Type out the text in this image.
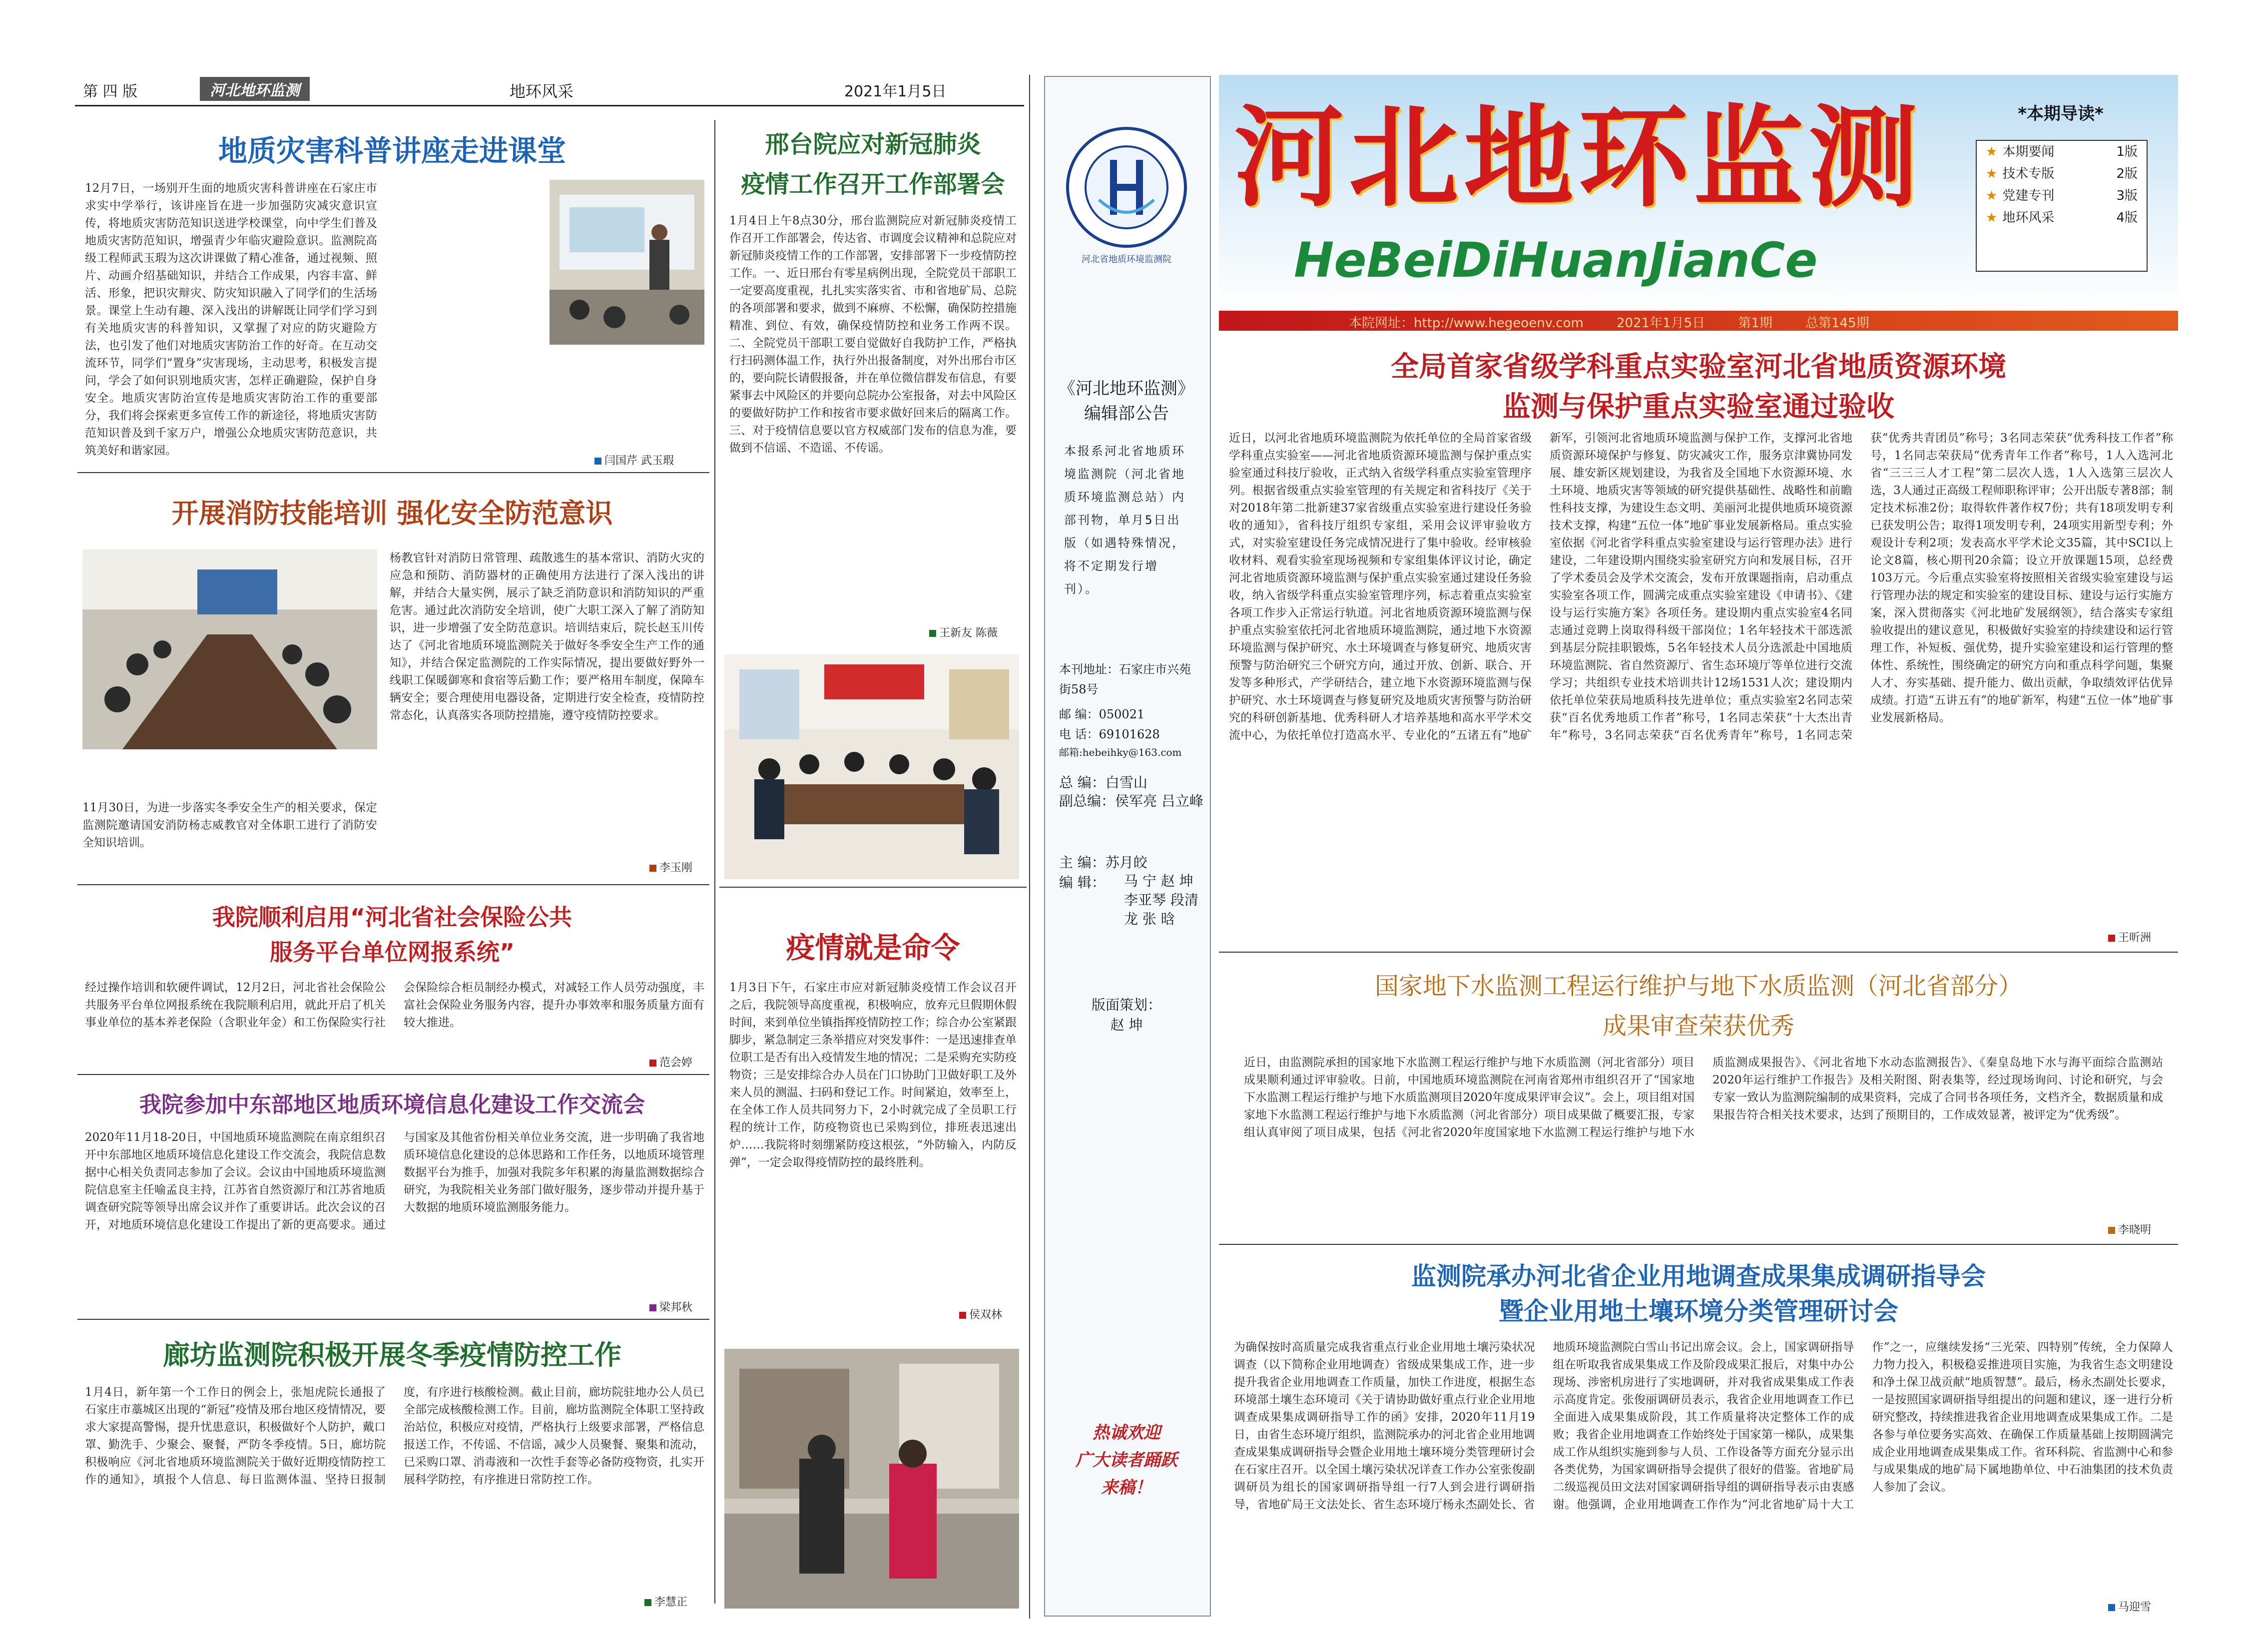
第 四 版	河北地环监测	地环风采	2021年1月5日
地质灾害科普讲座走进课堂
12月7日，一场别开生面的地质灾害科普讲座在石家庄市求实中学举行，该讲座旨在进一步加强防灾减灾意识宣传，将地质灾害防范知识送进学校课堂，向中学生们普及地质灾害防范知识，增强青少年临灾避险意识。监测院高级工程师武玉瑕为这次讲课做了精心准备，通过视频、照片、动画介绍基础知识，并结合工作成果，内容丰富、鲜活、形象，把识灾辩灾、防灾知识融入了同学们的生活场景。课堂上生动有趣、深入浅出的讲解既让同学们学习到有关地质灾害的科普知识，又掌握了对应的防灾避险方法，也引发了他们对地质灾害防治工作的好奇。在互动交流环节，同学们“置身”灾害现场，主动思考，积极发言提问，学会了如何识别地质灾害，怎样正确避险，保护自身安全。地质灾害防治宣传是地质灾害防治工作的重要部分，我们将会探索更多宣传工作的新途径，将地质灾害防范知识普及到千家万户，增强公众地质灾害防范意识，共筑美好和谐家园。
闫国芹 武玉瑕
开展消防技能培训 强化安全防范意识
杨教官针对消防日常管理、疏散逃生的基本常识、消防火灾的应急和预防、消防器材的正确使用方法进行了深入浅出的讲解，并结合大量实例，展示了缺乏消防意识和消防知识的严重危害。通过此次消防安全培训，使广大职工深入了解了消防知识，进一步增强了安全防范意识。培训结束后，院长赵玉川传达了《河北省地质环境监测院关于做好冬季安全生产工作的通知》，并结合保定监测院的工作实际情况，提出要做好野外一线职工保暖御寒和食宿等后勤工作；要严格用车制度，保障车辆安全；要合理使用电器设备，定期进行安全检查，疫情防控常态化，认真落实各项防控措施，遵守疫情防控要求。
11月30日，为进一步落实冬季安全生产的相关要求，保定监测院邀请国安消防杨志威教官对全体职工进行了消防安全知识培训。
李玉刚
我院顺利启用“河北省社会保险公共
服务平台单位网报系统”
经过操作培训和软硬件调试，12月2日，河北省社会保险公共服务平台单位网报系统在我院顺利启用，就此开启了机关事业单位的基本养老保险（含职业年金）和工伤保险实行社会保险综合柜员制经办模式，对减轻工作人员劳动强度，丰富社会保险业务服务内容，提升办事效率和服务质量方面有较大推进。
范会婷
我院参加中东部地区地质环境信息化建设工作交流会
2020年11月18-20日，中国地质环境监测院在南京组织召开中东部地区地质环境信息化建设工作交流会，我院信息数据中心相关负责同志参加了会议。会议由中国地质环境监测院信息室主任喻孟良主持，江苏省自然资源厅和江苏省地质调查研究院等领导出席会议并作了重要讲话。此次会议的召开，对地质环境信息化建设工作提出了新的更高要求。通过与国家及其他省份相关单位业务交流，进一步明确了我省地质环境信息化建设的总体思路和工作任务，以地质环境管理数据平台为推手，加强对我院多年积累的海量监测数据综合研究，为我院相关业务部门做好服务，逐步带动并提升基于大数据的地质环境监测服务能力。
梁邦秋
廊坊监测院积极开展冬季疫情防控工作
1月4日，新年第一个工作日的例会上，张旭虎院长通报了石家庄市藁城区出现的“新冠”疫情及邢台地区疫情情况，要求大家提高警惕，提升忧患意识，积极做好个人防护，戴口罩、勤洗手、少聚会、聚餐，严防冬季疫情。5日，廊坊院积极响应《河北省地质环境监测院关于做好近期疫情防控工作的通知》，填报个人信息、每日监测体温、坚持日报制度，有序进行核酸检测。截止目前，廊坊院驻地办公人员已全部完成核酸检测工作。目前，廊坊监测院全体职工坚持政治站位，积极应对疫情，严格执行上级要求部署，严格信息报送工作，不传谣、不信谣，减少人员聚餐、聚集和流动，已采购口罩、消毒液和一次性手套等必备防疫物资，扎实开展科学防控，有序推进日常防控工作。
李慧正
邢台院应对新冠肺炎
疫情工作召开工作部署会
1月4日上午8点30分，邢台监测院应对新冠肺炎疫情工作召开工作部署会，传达省、市调度会议精神和总院应对新冠肺炎疫情工作的工作部署，安排部署下一步疫情防控工作。一、近日邢台有零星病例出现，全院党员干部职工一定要高度重视，扎扎实实落实省、市和省地矿局、总院的各项部署和要求，做到不麻痹、不松懈，确保防控措施精准、到位、有效，确保疫情防控和业务工作两不误。二、全院党员干部职工要自觉做好自我防护工作，严格执行扫码测体温工作，执行外出报备制度，对外出邢台市区的，要向院长请假报备，并在单位微信群发布信息，有要紧事去中风险区的并要向总院办公室报备，对去中风险区的要做好防护工作和按省市要求做好回来后的隔离工作。三、对于疫情信息要以官方权威部门发布的信息为准，要做到不信谣、不造谣、不传谣。
王新友 陈薇
疫情就是命令
1月3日下午，石家庄市应对新冠肺炎疫情工作会议召开之后，我院领导高度重视，积极响应，放弃元旦假期休假时间，来到单位坐镇指挥疫情防控工作；综合办公室紧跟脚步，紧急制定三条举措应对突发事件：一是迅速排查单位职工是否有出入疫情发生地的情况；二是采购充实防疫物资；三是安排综合办人员在门口协助门卫做好职工及外来人员的测温、扫码和登记工作。时间紧迫，效率至上，在全体工作人员共同努力下，2小时就完成了全员职工行程的统计工作，防疫物资也已采购到位，排班表迅速出炉……我院将时刻绷紧防疫这根弦，“外防输入，内防反弹”，一定会取得疫情防控的最终胜利。
侯双林
河北省地质环境监测院
《河北地环监测》
编辑部公告
本报系河北省地质环境监测院（河北省地质环境监测总站）内部刊物，单月5日出版（如遇特殊情况，将不定期发行增刊）。
本刊地址：石家庄市兴苑街58号
邮 编：050021
电 话：69101628
邮箱:hebeihky@163.com
总 编：白雪山
副总编：侯军亮 吕立峰
主 编：苏月皎
编 辑：	马 宁 赵 坤 李亚琴 段清龙 张 晗
版面策划：
赵 坤
热诚欢迎
广大读者踊跃
来稿！
河北地环监测
HeBeiDiHuanJianCe
*本期导读*
★ 本期要闻	1版
★ 技术专版	2版
★ 党建专刊	3版
★ 地环风采	4版
本院网址：http://www.hegeoenv.com        2021年1月5日        第1期        总第145期
全局首家省级学科重点实验室河北省地质资源环境
监测与保护重点实验室通过验收
近日，以河北省地质环境监测院为依托单位的全局首家省级学科重点实验室——河北省地质资源环境监测与保护重点实验室通过科技厅验收，正式纳入省级学科重点实验室管理序列。根据省级重点实验室管理的有关规定和省科技厅《关于对2018年第二批新建37家省级重点实验室进行建设任务验收的通知》，省科技厅组织专家组，采用会议评审验收方式，对实验室建设任务完成情况进行了集中验收。经审核验收材料、观看实验室现场视频和专家组集体评议讨论，确定河北省地质资源环境监测与保护重点实验室通过建设任务验收，纳入省级学科重点实验室管理序列，标志着重点实验室各项工作步入正常运行轨道。河北省地质资源环境监测与保护重点实验室依托河北省地质环境监测院，通过地下水资源环境监测与保护研究、水土环境调查与修复研究、地质灾害预警与防治研究三个研究方向，通过开放、创新、联合、开发等多种形式，产学研结合，建立地下水资源环境监测与保护研究、水土环境调查与修复研究及地质灾害预警与防治研究的科研创新基地、优秀科研人才培养基地和高水平学术交流中心，为依托单位打造高水平、专业化的“五诸五有”地矿新军，引领河北省地质环境监测与保护工作，支撑河北省地质资源环境保护与修复、防灾减灾工作，服务京津冀协同发展、雄安新区规划建设，为我省及全国地下水资源环境、水土环境、地质灾害等领域的研究提供基础性、战略性和前瞻性科技支撑，为建设生态文明、美丽河北提供地质环境资源技术支撑，构建“五位一体”地矿事业发展新格局。重点实验室依据《河北省学科重点实验室建设与运行管理办法》进行建设，二年建设期内围绕实验室研究方向和发展目标，召开了学术委员会及学术交流会，发布开放课题指南，启动重点实验室各项工作，圆满完成重点实验室建设《申请书》、《建设与运行实施方案》各项任务。建设期内重点实验室4名同志通过竞聘上岗取得科级干部岗位；1名年轻技术干部选派到基层分院挂职锻炼，5名年轻技术人员分选派赴中国地质环境监测院、省自然资源厅、省生态环境厅等单位进行交流学习；共组织专业技术培训共计12场1531人次；建设期内依托单位荣获局地质科技先进单位；重点实验室2名同志荣获“百名优秀地质工作者”称号，1名同志荣获“十大杰出青年”称号，3名同志荣获“百名优秀青年”称号，1名同志荣获“优秀共青团员”称号；3名同志荣获“优秀科技工作者”称号，1名同志荣获局“优秀青年工作者”称号，1人入选河北省“三三三人才工程”第二层次人选，1人入选第三层次人选，3人通过正高级工程师职称评审；公开出版专著8部；制定技术标准2份；取得软件著作权7份；共有18项发明专利已获发明公告；取得1项发明专利，24项实用新型专利；外观设计专利2项；发表高水平学术论文35篇，其中SCI以上论文8篇，核心期刊20余篇；设立开放课题15项，总经费103万元。今后重点实验室将按照相关省级实验室建设与运行管理办法的规定和实验室的建设目标、建设与运行实施方案，深入贯彻落实《河北地矿发展纲领》，结合落实专家组验收提出的建议意见，积极做好实验室的持续建设和运行管理工作，补短板、强优势，提升实验室建设和运行管理的整体性、系统性，围绕确定的研究方向和重点科学问题，集聚人才、夯实基础、提升能力、做出贡献，争取绩效评估优异成绩。打造“五讲五有”的地矿新军，构建“五位一体”地矿事业发展新格局。
王昕洲
国家地下水监测工程运行维护与地下水质监测（河北省部分）
成果审查荣获优秀
近日，由监测院承担的国家地下水监测工程运行维护与地下水质监测（河北省部分）项目成果顺利通过评审验收。日前，中国地质环境监测院在河南省郑州市组织召开了“国家地下水监测工程运行维护与地下水质监测项目2020年度成果评审会议”。会上，项目组对国家地下水监测工程运行维护与地下水质监测（河北省部分）项目成果做了概要汇报，专家组认真审阅了项目成果，包括《河北省2020年度国家地下水监测工程运行维护与地下水质监测成果报告》、《河北省地下水动态监测报告》、《秦皇岛地下水与海平面综合监测站2020年运行维护工作报告》及相关附图、附表集等，经过现场询问、讨论和研究，与会专家一致认为监测院编制的成果资料，完成了合同书各项任务，文档齐全，数据质量和成果报告符合相关技术要求，达到了预期目的，工作成效显著，被评定为“优秀级”。
李晓明
监测院承办河北省企业用地调查成果集成调研指导会
暨企业用地土壤环境分类管理研讨会
为确保按时高质量完成我省重点行业企业用地土壤污染状况调查（以下简称企业用地调查）省级成果集成工作，进一步提升我省企业用地调查工作质量，加快工作进度，根据生态环境部土壤生态环境司《关于请协助做好重点行业企业用地调查成果集成调研指导工作的函》安排，2020年11月19日，由省生态环境厅组织，监测院承办的河北省企业用地调查成果集成调研指导会暨企业用地土壤环境分类管理研讨会在石家庄召开。以全国土壤污染状况详查工作办公室张俊副调研员为组长的国家调研指导组一行7人到会进行调研指导，省地矿局王文法处长、省生态环境厅杨永杰副处长、省地质环境监测院白雪山书记出席会议。会上，国家调研指导组在听取我省成果集成工作及阶段成果汇报后，对集中办公现场、涉密机房进行了实地调研，并对我省成果集成工作表示高度肯定。张俊丽调研员表示，我省企业用地调查工作已全面进入成果集成阶段，其工作质量将决定整体工作的成败；我省企业用地调查工作始终处于国家第一梯队，成果集成工作从组织实施到参与人员、工作设备等方面充分显示出各类优势，为国家调研指导会提供了很好的借鉴。省地矿局二级巡视员田文法对国家调研指导组的调研指导表示由衷感谢。他强调，企业用地调查工作作为“河北省地矿局十大工作”之一，应继续发扬“三光荣、四特别”传统，全力保障人力物力投入，积极稳妥推进项目实施，为我省生态文明建设和净土保卫战贡献“地质智慧”。最后，杨永杰副处长要求，一是按照国家调研指导组提出的问题和建议，逐一进行分析研究整改，持续推进我省企业用地调查成果集成工作。二是各参与单位要务实高效、在确保工作质量基础上按期圆满完成企业用地调查成果集成工作。省环科院、省监测中心和参与成果集成的地矿局下属地勘单位、中石油集团的技术负责人参加了会议。
马迎雪
